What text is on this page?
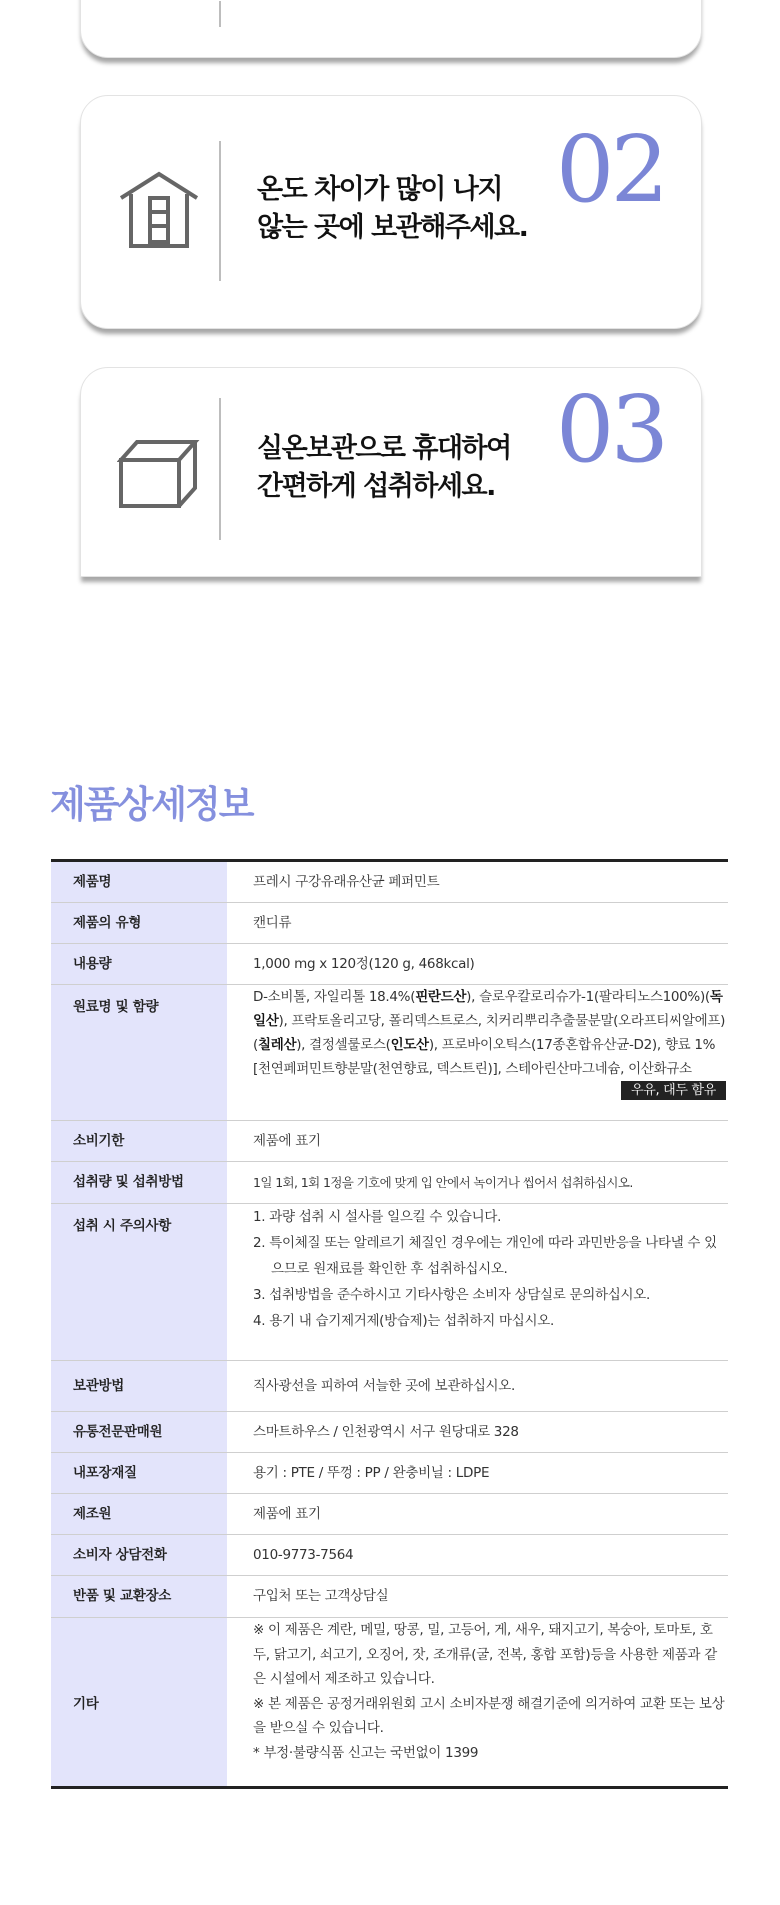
온도 차이가 많이 나지
않는 곳에 보관해주세요.
02
실온보관으로 휴대하여
간편하게 섭취하세요.
03
제품상세정보
제품명	프레시 구강유래유산균 페퍼민트
제품의 유형	캔디류
내용량	1,000 mg x 120정(120 g, 468kcal)
원료명 및 함량	D-소비톨, 자일리톨 18.4%(핀란드산), 슬로우칼로리슈가-1(팔라티노스100%)(독일산), 프락토올리고당, 폴리덱스트로스, 치커리뿌리추출물분말(오라프티씨알에프)(칠레산), 결정셀룰로스(인도산), 프로바이오틱스(17종혼합유산균-D2), 향료 1%[천연페퍼민트향분말(천연향료, 덱스트린)], 스테아린산마그네슘, 이산화규소
우유, 대두 함유

소비기한	제품에 표기
섭취량 및 섭취방법	1일 1회, 1회 1정을 기호에 맞게 입 안에서 녹이거나 씹어서 섭취하십시오.
섭취 시 주의사항	1. 과량 섭취 시 설사를 일으킬 수 있습니다.
2. 특이체질 또는 알레르기 체질인 경우에는 개인에 따라 과민반응을 나타낼 수 있으므로 원재료를 확인한 후 섭취하십시오.
3. 섭취방법을 준수하시고 기타사항은 소비자 상담실로 문의하십시오.
4. 용기 내 습기제거제(방습제)는 섭취하지 마십시오.

보관방법	직사광선을 피하여 서늘한 곳에 보관하십시오.
유통전문판매원	스마트하우스 / 인천광역시 서구 원당대로 328
내포장재질	용기 : PTE / 뚜껑 : PP / 완충비닐 : LDPE
제조원	제품에 표기
소비자 상담전화	010-9773-7564
반품 및 교환장소	구입처 또는 고객상담실
기타	※ 이 제품은 계란, 메밀, 땅콩, 밀, 고등어, 게, 새우, 돼지고기, 복숭아, 토마토, 호두, 닭고기, 쇠고기, 오징어, 잣, 조개류(굴, 전복, 홍합 포함)등을 사용한 제품과 같은 시설에서 제조하고 있습니다.
※ 본 제품은 공정거래위원회 고시 소비자분쟁 해결기준에 의거하여 교환 또는 보상을 받으실 수 있습니다.
* 부정·불량식품 신고는 국번없이 1399
